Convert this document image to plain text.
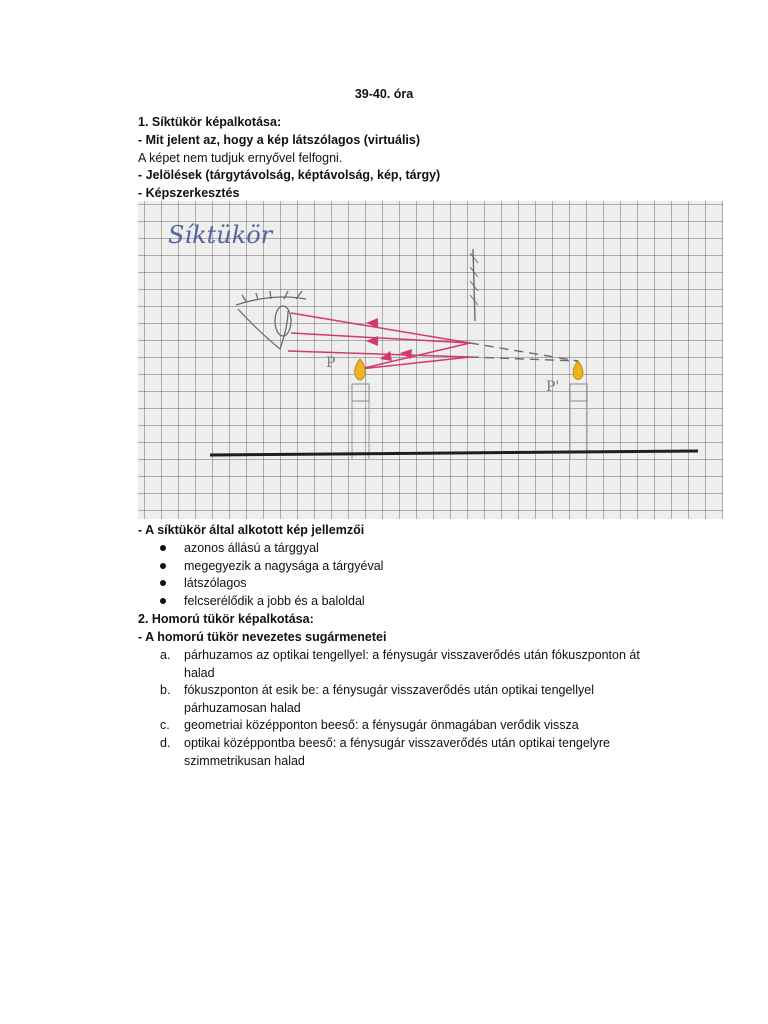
39-40. óra
1. Síktükör képalkotása:
- Mit jelent az, hogy a kép látszólagos (virtuális)
A képet nem tudjuk ernyővel felfogni.
- Jelölések (tárgytávolság, képtávolság, kép, tárgy)
- Képszerkesztés
Síktükör
P
P'
- A síktükör által alkotott kép jellemzői
azonos állású a tárggyal
megegyezik a nagysága a tárgyéval
látszólagos
felcserélődik a jobb és a baloldal
2. Homorú tükör képalkotása:
- A homorú tükör nevezetes sugármenetei
a. párhuzamos az optikai tengellyel: a fénysugár visszaverődés után fókuszponton át halad
b. fókuszponton át esik be: a fénysugár visszaverődés után optikai tengellyel párhuzamosan halad
c. geometriai középponton beeső: a fénysugár önmagában verődik vissza
d. optikai középpontba beeső: a fénysugár visszaverődés után optikai tengelyre szimmetrikusan halad
